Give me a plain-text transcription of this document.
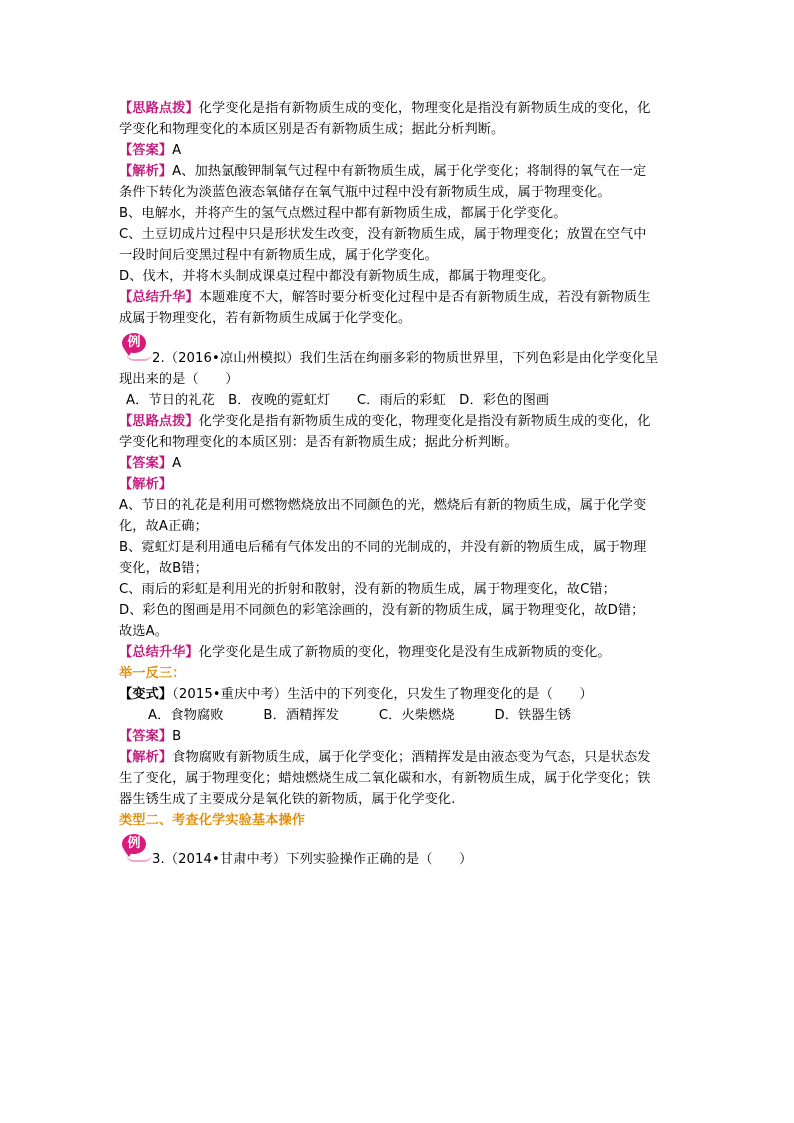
【思路点拨】化学变化是指有新物质生成的变化，物理变化是指没有新物质生成的变化，化
学变化和物理变化的本质区别是否有新物质生成；据此分析判断。
【答案】A
【解析】A、加热氯酸钾制氧气过程中有新物质生成，属于化学变化；将制得的氧气在一定
条件下转化为淡蓝色液态氧储存在氧气瓶中过程中没有新物质生成，属于物理变化。
B、电解水，并将产生的氢气点燃过程中都有新物质生成，都属于化学变化。
C、土豆切成片过程中只是形状发生改变，没有新物质生成，属于物理变化；放置在空气中
一段时间后变黑过程中有新物质生成，属于化学变化。
D、伐木，并将木头制成课桌过程中都没有新物质生成，都属于物理变化。
【总结升华】本题难度不大，解答时要分析变化过程中是否有新物质生成，若没有新物质生
成属于物理变化，若有新物质生成属于化学变化。
例
2.（2016•凉山州模拟）我们生活在绚丽多彩的物质世界里，下列色彩是由化学变化呈
现出来的是（　　）
A．节日的礼花　B．夜晚的霓虹灯　　C．雨后的彩虹　D．彩色的图画
【思路点拨】化学变化是指有新物质生成的变化，物理变化是指没有新物质生成的变化，化
学变化和物理变化的本质区别：是否有新物质生成；据此分析判断。
【答案】A
【解析】
A、节日的礼花是利用可燃物燃烧放出不同颜色的光，燃烧后有新的物质生成，属于化学变
化，故A正确；
B、霓虹灯是利用通电后稀有气体发出的不同的光制成的，并没有新的物质生成，属于物理
变化，故B错；
C、雨后的彩虹是利用光的折射和散射，没有新的物质生成，属于物理变化，故C错；
D、彩色的图画是用不同颜色的彩笔涂画的，没有新的物质生成，属于物理变化，故D错；
故选A。
【总结升华】化学变化是生成了新物质的变化，物理变化是没有生成新物质的变化。
举一反三：
【变式】（2015•重庆中考）生活中的下列变化，只发生了物理变化的是（　　）
A．食物腐败　　　B．酒精挥发　　　C．火柴燃烧　　　D．铁器生锈
【答案】B
【解析】食物腐败有新物质生成，属于化学变化；酒精挥发是由液态变为气态，只是状态发
生了变化，属于物理变化；蜡烛燃烧生成二氧化碳和水，有新物质生成，属于化学变化；铁
器生锈生成了主要成分是氧化铁的新物质，属于化学变化.
类型二、考查化学实验基本操作
例
3.（2014•甘肃中考）下列实验操作正确的是（　　）
